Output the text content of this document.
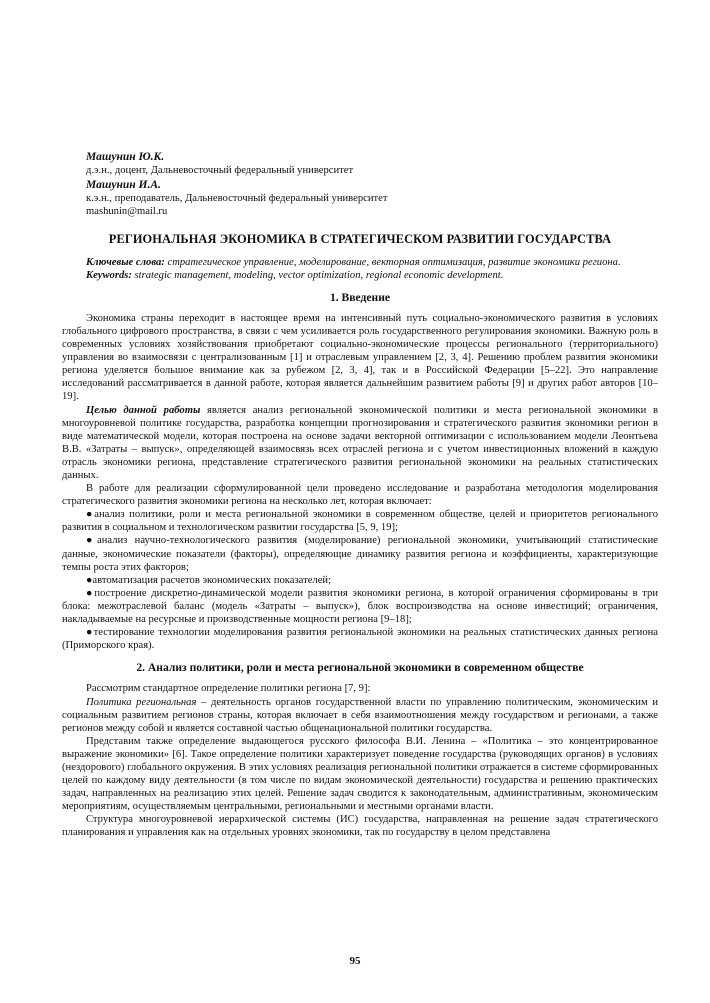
Машунин Ю.К.
д.э.н., доцент, Дальневосточный федеральный университет
Машунин И.А.
к.э.н., преподаватель, Дальневосточный федеральный университет
mashunin@mail.ru
РЕГИОНАЛЬНАЯ ЭКОНОМИКА В СТРАТЕГИЧЕСКОМ РАЗВИТИИ ГОСУДАРСТВА

Ключевые слова: стратегическое управление, моделирование, векторная оптимизация, развитие экономики региона.

Keywords: strategic management, modeling, vector optimization, regional economic development.

1. Введение

Экономика страны переходит в настоящее время на интенсивный путь социально-экономического развития в условиях глобального цифрового пространства, в связи с чем усиливается роль государственного регулирования экономики. Важную роль в современных условиях хозяйствования приобретают социально-экономические процессы регионального (территориального) управления во взаимосвязи с централизованным [1] и отраслевым управлением [2, 3, 4]. Решению проблем развития экономики региона уделяется большое внимание как за рубежом [2, 3, 4], так и в Российской Федерации [5–22]. Это направление исследований рассматривается в данной работе, которая является дальнейшим развитием работы [9] и других работ авторов [10–19].

Целью данной работы является анализ региональной экономической политики и места региональной экономики в многоуровневой политике государства, разработка концепции прогнозирования и стратегического развития экономики регион в виде математической модели, которая построена на основе задачи векторной оптимизации с использованием модели Леонтьева В.В. «Затраты – выпуск», определяющей взаимосвязь всех отраслей региона и с учетом инвестиционных вложений в каждую отрасль экономики региона, представление стратегического развития региональной экономики на реальных статистических данных.

В работе для реализации сформулированной цели проведено исследование и разработана методология моделирования стратегического развития экономики региона на несколько лет, которая включает:

●анализ политики, роли и места региональной экономики в современном обществе, целей и приоритетов регионального развития в социальном и технологическом развитии государства [5, 9, 19];

●анализ научно-технологического развития (моделирование) региональной экономики, учитывающий статистические данные, экономические показатели (факторы), определяющие динамику развития региона и коэффициенты, характеризующие темпы роста этих факторов;

●автоматизация расчетов экономических показателей;

●построение дискретно-динамической модели развития экономики региона, в которой ограничения сформированы в три блока: межотраслевой баланс (модель «Затраты – выпуск»), блок воспроизводства на основе инвестиций; ограничения, накладываемые на ресурсные и производственные мощности региона [9–18];

●тестирование технологии моделирования развития региональной экономики на реальных статистических данных региона (Приморского края).

2. Анализ политики, роли и места региональной экономики в современном обществе

Рассмотрим стандартное определение политики региона [7, 9]:

Политика региональная – деятельность органов государственной власти по управлению политическим, экономическим и социальным развитием регионов страны, которая включает в себя взаимоотношения между государством и регионами, а также регионов между собой и является составной частью общенациональной политики государства.

Представим также определение выдающегося русского философа В.И. Ленина – «Политика – это концентрированное выражение экономики» [6]. Такое определение политики характеризует поведение государства (руководящих органов) в условиях (нездорового) глобального окружения. В этих условиях реализация региональной политики отражается в системе сформированных целей по каждому виду деятельности (в том числе по видам экономической деятельности) государства и решению практических задач, направленных на реализацию этих целей. Решение задач сводится к законодательным, административным, экономическим мероприятиям, осуществляемым центральными, региональными и местными органами власти.

Структура многоуровневой иерархической системы (ИС) государства, направленная на решение задач стратегического планирования и управления как на отдельных уровнях экономики, так по государству в целом представлена

95
